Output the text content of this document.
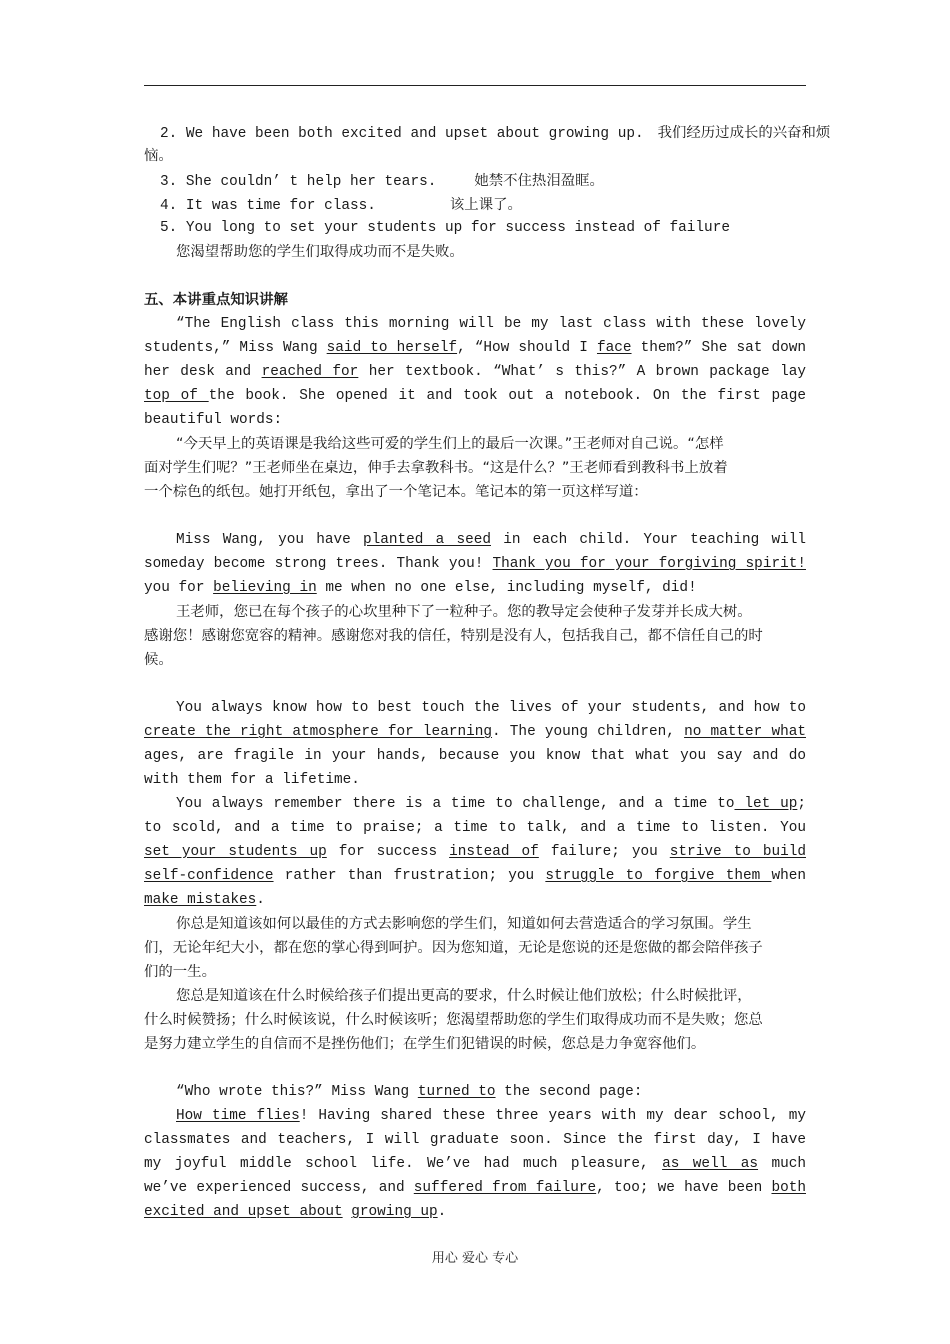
2. We have been both excited and upset about growing up. 我们经历过成长的兴奋和烦
恼。
3. She couldn’ t help her tears.	她禁不住热泪盈眶。
4. It was time for class.	该上课了。
5. You long to set your students up for success instead of failure
您渴望帮助您的学生们取得成功而不是失败。
五、本讲重点知识讲解
“The English class this morning will be my last class with these lovely
students,” Miss Wang said to herself, “How should I face them?” She sat down
her desk and reached for her textbook. “What’ s this?” A brown package lay
top of the book. She opened it and took out a notebook. On the first page
beautiful words:
“今天早上的英语课是我给这些可爱的学生们上的最后一次课。”王老师对自己说。“怎样
面对学生们呢？”王老师坐在桌边，伸手去拿教科书。“这是什么？”王老师看到教科书上放着
一个棕色的纸包。她打开纸包，拿出了一个笔记本。笔记本的第一页这样写道：
Miss Wang, you have planted a seed in each child. Your teaching will
someday become strong trees. Thank you! Thank you for your forgiving spirit!
you for believing in me when no one else, including myself, did!
王老师，您已在每个孩子的心坎里种下了一粒种子。您的教导定会使种子发芽并长成大树。
感谢您！感谢您宽容的精神。感谢您对我的信任，特别是没有人，包括我自己，都不信任自己的时
候。
You always know how to best touch the lives of your students, and how to
create the right atmosphere for learning. The young children, no matter what
ages, are fragile in your hands, because you know that what you say and do
with them for a lifetime.
You always remember there is a time to challenge, and a time to let up;
to scold, and a time to praise; a time to talk, and a time to listen. You
set your students up for success instead of failure; you strive to build
self-confidence rather than frustration; you struggle to forgive them when
make mistakes.
你总是知道该如何以最佳的方式去影响您的学生们，知道如何去营造适合的学习氛围。学生
们，无论年纪大小，都在您的掌心得到呵护。因为您知道，无论是您说的还是您做的都会陪伴孩子
们的一生。
您总是知道该在什么时候给孩子们提出更高的要求，什么时候让他们放松；什么时候批评，
什么时候赞扬；什么时候该说，什么时候该听；您渴望帮助您的学生们取得成功而不是失败；您总
是努力建立学生的自信而不是挫伤他们；在学生们犯错误的时候，您总是力争宽容他们。
“Who wrote this?” Miss Wang turned to the second page:
How time flies! Having shared these three years with my dear school, my
classmates and teachers, I will graduate soon. Since the first day, I have
my joyful middle school life. We’ve had much pleasure, as well as much
we’ve experienced success, and suffered from failure, too; we have been both
excited and upset about growing up.
用心 爱心 专心
